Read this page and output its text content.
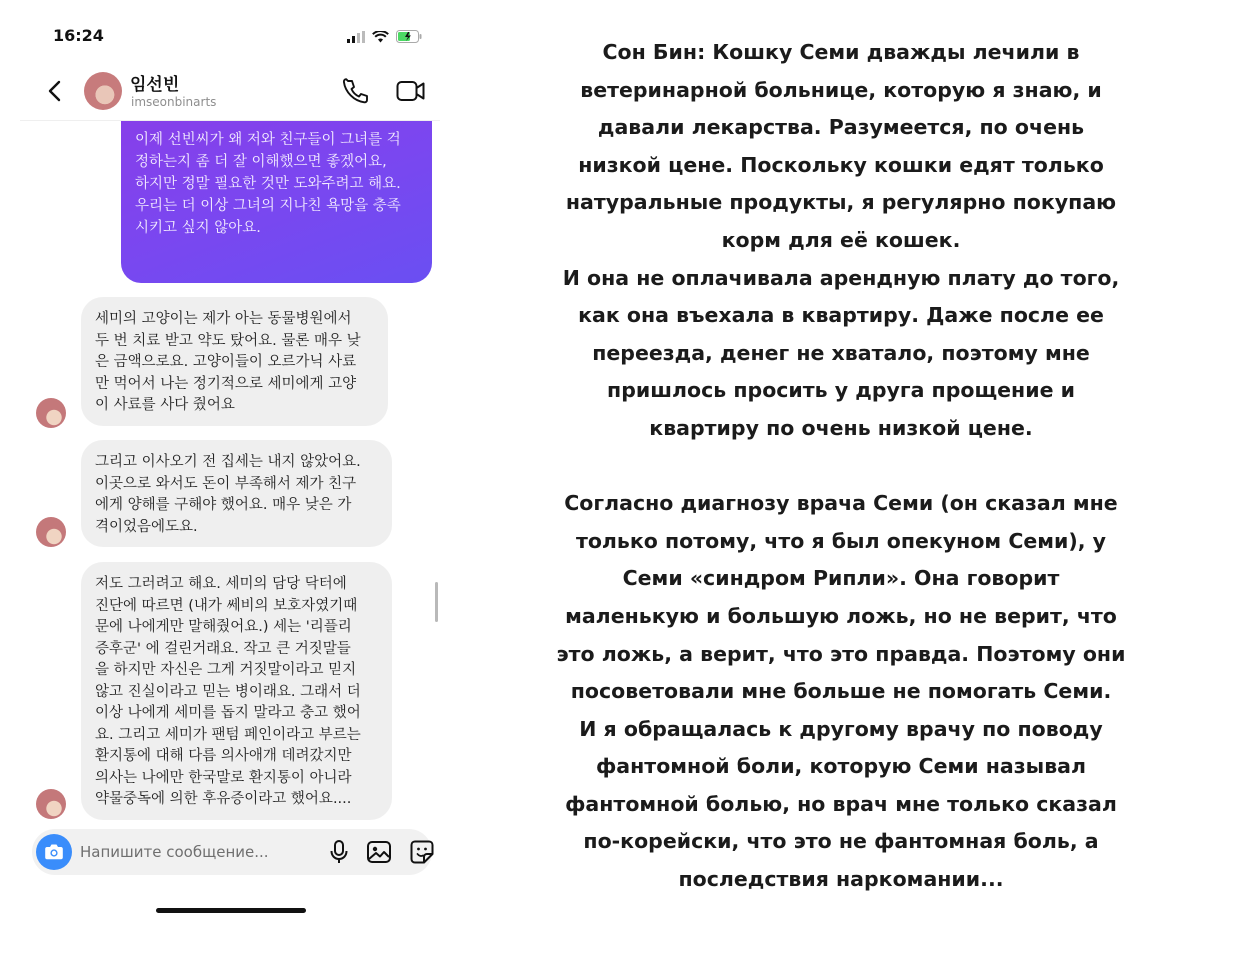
16:24
임선빈
imseonbinarts

이제 선빈씨가 왜 저와 친구들이 그녀를 걱
정하는지 좀 더 잘 이해했으면 좋겠어요,
하지만 정말 필요한 것만 도와주려고 해요.
우리는 더 이상 그녀의 지나친 욕망을 충족
시키고 싶지 않아요.

세미의 고양이는 제가 아는 동물병원에서
두 번 치료 받고 약도 탔어요. 물론 매우 낮
은 금액으로요. 고양이들이 오르가닉 사료
만 먹어서 나는 정기적으로 세미에게 고양
이 사료를 사다 줬어요
그리고 이사오기 전 집세는 내지 않았어요.
이곳으로 와서도 돈이 부족해서 제가 친구
에게 양해를 구해야 했어요. 매우 낮은 가
격이었음에도요.
저도 그러려고 해요. 세미의 담당 닥터에
진단에 따르면 (내가 쎄비의 보호자였기때
문에 나에게만 말해줬어요.) 세는 '리플리
증후군' 에 걸린거래요. 작고 큰 거짓말들
을 하지만 자신은 그게 거짓말이라고 믿지
않고 진실이라고 믿는 병이래요. 그래서 더
이상 나에게 세미를 돕지 말라고 충고 했어
요. 그리고 세미가 팬텀 페인이라고 부르는
환지통에 대해 다름 의사애개 데려갔지만
의사는 나에만 한국말로 환지통이 아니라
약물중독에 의한 후유증이라고 했어요....
Напишите сообщение...

Сон Бин: Кошку Семи дважды лечили в
ветеринарной больнице, которую я знаю, и
давали лекарства. Разумеется, по очень
низкой цене. Поскольку кошки едят только
натуральные продукты, я регулярно покупаю
корм для её кошек.
И она не оплачивала арендную плату до того,
как она въехала в квартиру. Даже после ее
переезда, денег не хватало, поэтому мне
пришлось просить у друга прощение и
квартиру по очень низкой цене.

Согласно диагнозу врача Семи (он сказал мне
только потому, что я был опекуном Семи), у
Семи «синдром Рипли». Она говорит
маленькую и большую ложь, но не верит, что
это ложь, а верит, что это правда. Поэтому они
посоветовали мне больше не помогать Семи.
И я обращалась к другому врачу по поводу
фантомной боли, которую Семи называл
фантомной болью, но врач мне только сказал
по-корейски, что это не фантомная боль, а
последствия наркомании...
